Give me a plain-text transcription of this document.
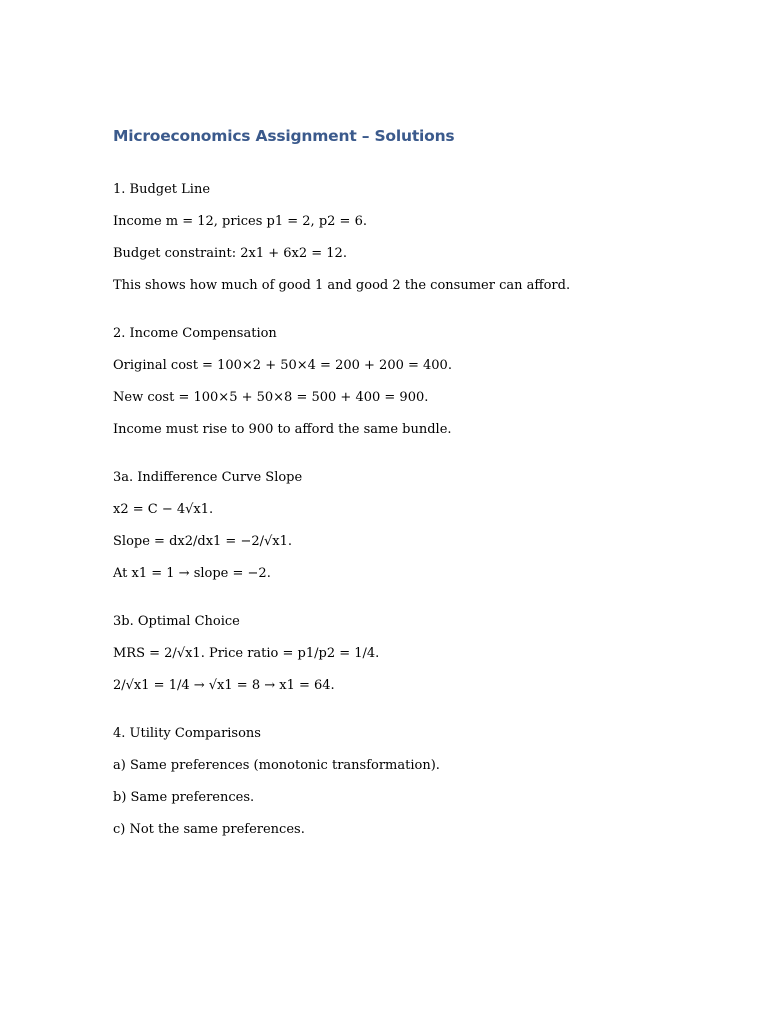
Microeconomics Assignment – Solutions

1. Budget Line

Income m = 12, prices p1 = 2, p2 = 6.

Budget constraint: 2x1 + 6x2 = 12.

This shows how much of good 1 and good 2 the consumer can afford.

2. Income Compensation

Original cost = 100×2 + 50×4 = 200 + 200 = 400.

New cost = 100×5 + 50×8 = 500 + 400 = 900.

Income must rise to 900 to afford the same bundle.

3a. Indifference Curve Slope

x2 = C − 4√x1.

Slope = dx2/dx1 = −2/√x1.

At x1 = 1 → slope = −2.

3b. Optimal Choice

MRS = 2/√x1. Price ratio = p1/p2 = 1/4.

2/√x1 = 1/4 → √x1 = 8 → x1 = 64.

4. Utility Comparisons

a) Same preferences (monotonic transformation).

b) Same preferences.

c) Not the same preferences.
